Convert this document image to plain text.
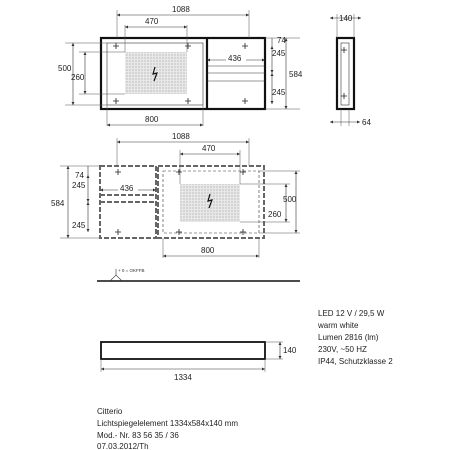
1088
470
800
500
260	584
74
245
245
436
140
64
1088
470
800
436
584
74
245
245
500
260
+ 0 = OKFFB
1334
140
LED 12 V / 29,5 W
warm white
Lumen 2816 (lm)
230V, ~50 HZ
IP44, Schutzklasse 2
Citterio
Lichtspiegelelement 1334x584x140 mm
Mod.- Nr. 83 56 35 / 36
07.03.2012/Th
